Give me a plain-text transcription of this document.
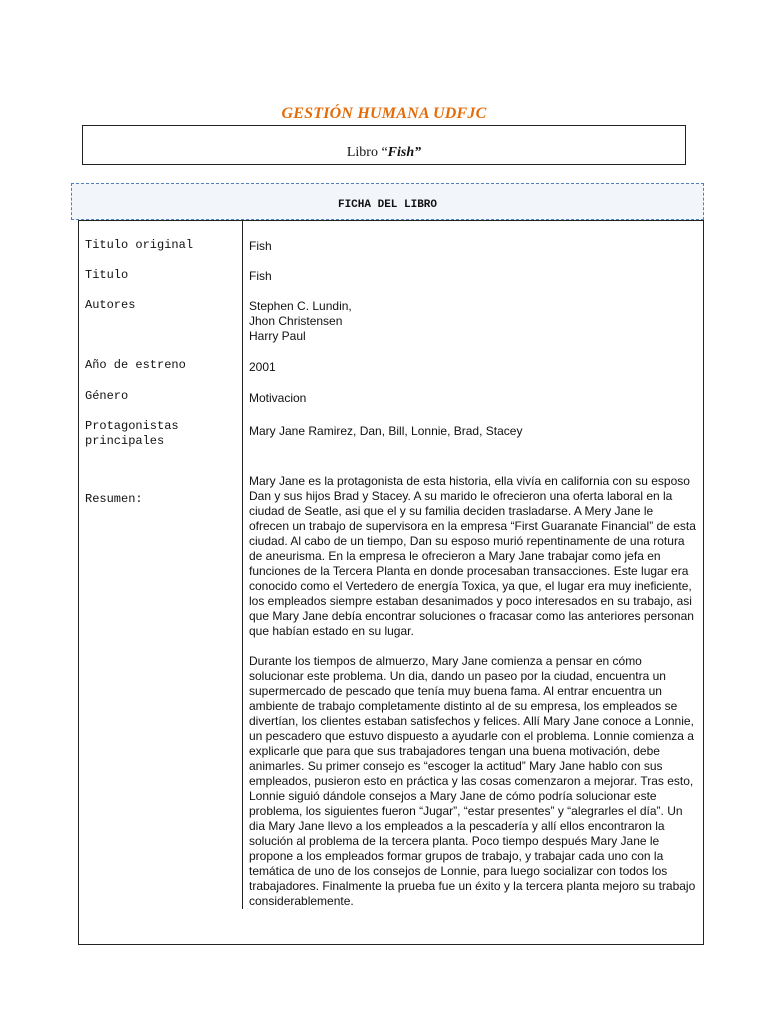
GESTIÓN HUMANA UDFJC
Libro “Fish”
FICHA DEL LIBRO
Titulo original	Fish
Titulo	Fish
Autores	Stephen C. Lundin,

Jhon Christensen

Harry Paul

Año de estreno	2001
Género	Motivacion

Protagonistas

principales	Mary Jane Ramirez, Dan, Bill, Lonnie, Brad, Stacey
Resumen:	Mary Jane es la protagonista de esta historia, ella vivía en california con su esposo Dan y sus hijos Brad y Stacey. A su marido le ofrecieron una oferta laboral en la ciudad de Seatle, asi que el y su familia deciden trasladarse. A Mery Jane le ofrecen un trabajo de supervisora en la empresa “First Guaranate Financial” de esta ciudad. Al cabo de un tiempo, Dan su esposo murió repentinamente de una rotura de aneurisma. En la empresa le ofrecieron a Mary Jane trabajar como jefa en funciones de la Tercera Planta en donde procesaban transacciones. Este lugar era conocido como el Vertedero de energía Toxica, ya que, el lugar era muy ineficiente, los empleados siempre estaban desanimados y poco interesados en su trabajo, asi que Mary Jane debía encontrar soluciones o fracasar como las anteriores personan que habían estado en su lugar.

Durante los tiempos de almuerzo, Mary Jane comienza a pensar en cómo solucionar este problema. Un dia, dando un paseo por la ciudad, encuentra un supermercado de pescado que tenía muy buena fama. Al entrar encuentra un ambiente de trabajo completamente distinto al de su empresa, los empleados se divertían, los clientes estaban satisfechos y felices. Allí Mary Jane conoce a Lonnie, un pescadero que estuvo dispuesto a ayudarle con el problema. Lonnie comienza a explicarle que para que sus trabajadores tengan una buena motivación, debe animarles. Su primer consejo es “escoger la actitud” Mary Jane hablo con sus empleados, pusieron esto en práctica y las cosas comenzaron a mejorar. Tras esto, Lonnie siguió dándole consejos a Mary Jane de cómo podría solucionar este problema, los siguientes fueron “Jugar”, “estar presentes” y “alegrarles el día”. Un dia Mary Jane llevo a los empleados a la pescadería y allí ellos encontraron la solución al problema de la tercera planta. Poco tiempo después Mary Jane le propone a los empleados formar grupos de trabajo, y trabajar cada uno con la temática de uno de los consejos de Lonnie, para luego socializar con todos los trabajadores. Finalmente la prueba fue un éxito y la tercera planta mejoro su trabajo considerablemente.
